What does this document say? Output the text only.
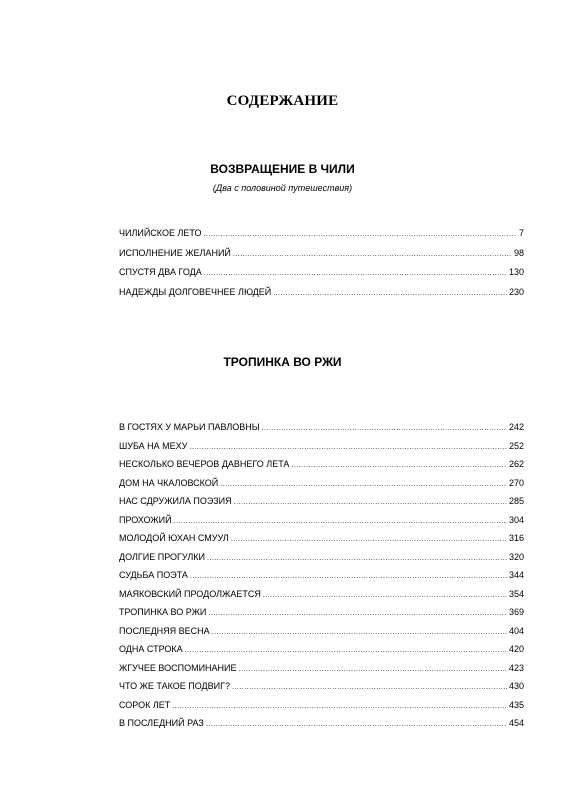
СОДЕРЖАНИЕ
ВОЗВРАЩЕНИЕ В ЧИЛИ
(Два с половиной путешествия)
ЧИЛИЙСКОЕ ЛЕТО .....	7
ИСПОЛНЕНИЕ ЖЕЛАНИЙ .....	98
СПУСТЯ ДВА ГОДА .....	130
НАДЕЖДЫ ДОЛГОВЕЧНЕЕ ЛЮДЕЙ .....	230
ТРОПИНКА ВО РЖИ
В ГОСТЯХ У МАРЬИ ПАВЛОВНЫ .....	242
ШУБА НА МЕХУ .....	252
НЕСКОЛЬКО ВЕЧЕРОВ ДАВНЕГО ЛЕТА .....	262
ДОМ НА ЧКАЛОВСКОЙ .....	270
НАС СДРУЖИЛА ПОЭЗИЯ .....	285
ПРОХОЖИЙ .....	304
МОЛОДОЙ ЮХАН СМУУЛ .....	316
ДОЛГИЕ ПРОГУЛКИ .....	320
СУДЬБА ПОЭТА .....	344
МАЯКОВСКИЙ ПРОДОЛЖАЕТСЯ .....	354
ТРОПИНКА ВО РЖИ .....	369
ПОСЛЕДНЯЯ ВЕСНА .....	404
ОДНА СТРОКА .....	420
ЖГУЧЕЕ ВОСПОМИНАНИЕ .....	423
ЧТО ЖЕ ТАКОЕ ПОДВИГ? .....	430
СОРОК ЛЕТ .....	435
В ПОСЛЕДНИЙ РАЗ .....	454
